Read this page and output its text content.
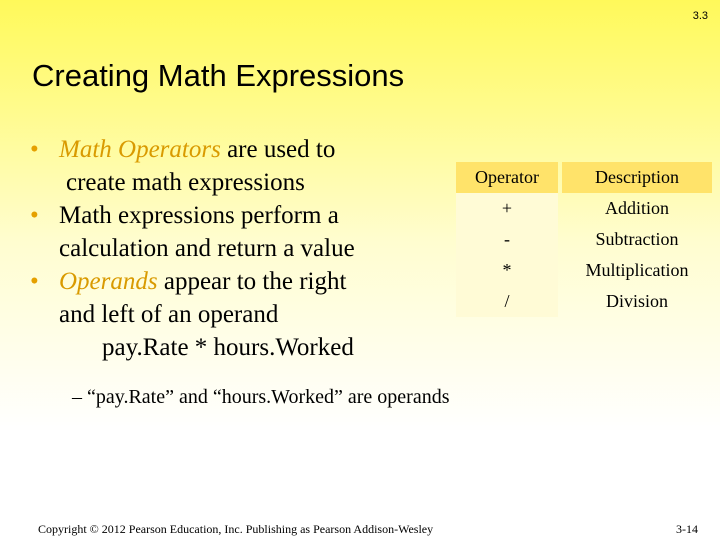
3.3
Creating Math Expressions
• Math Operators are used to
create math expressions
• Math expressions perform a
calculation and return a value
• Operands appear to the right
and left of an operand
pay.Rate * hours.Worked
– “pay.Rate” and “hours.Worked” are operands
Operator	Description
+	Addition
-	Subtraction
*	Multiplication
/	Division
Copyright © 2012 Pearson Education, Inc. Publishing as Pearson Addison-Wesley	3-14
